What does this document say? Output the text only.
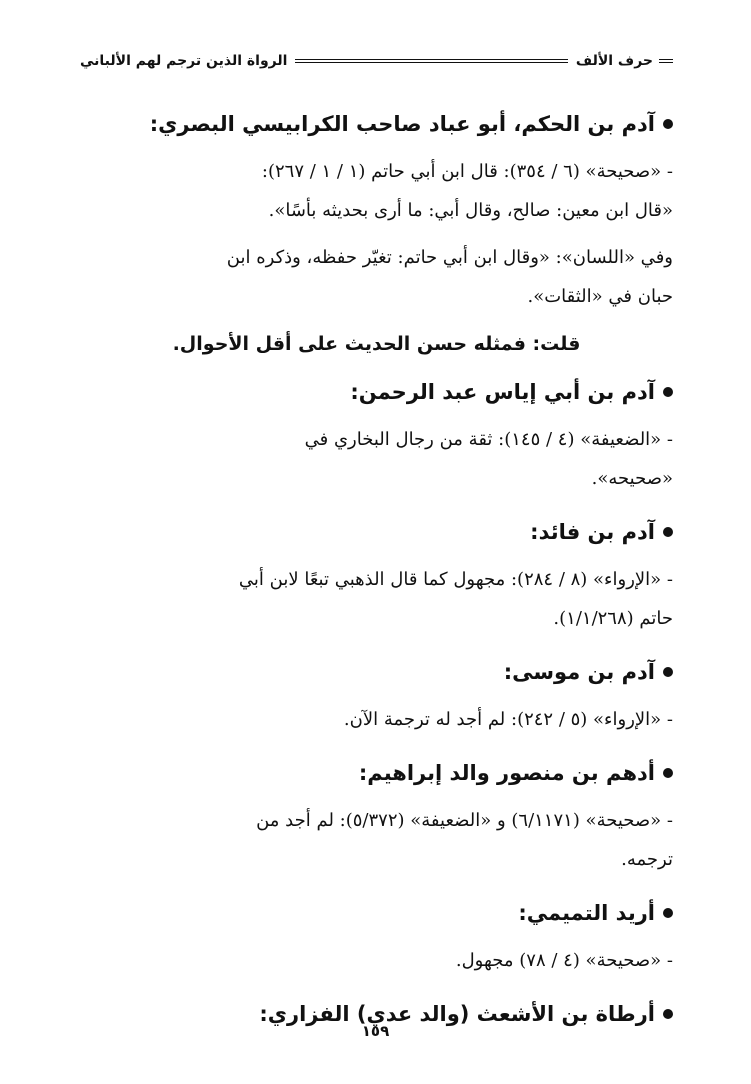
حرف الألف
الرواة الذين ترجم لهم الألباني
آدم بن الحكم، أبو عباد صاحب الكرابيسي البصري:

- «صحيحة» (٦ / ٣٥٤): قال ابن أبي حاتم (١ / ١ / ٢٦٧):

«قال ابن معين: صالح، وقال أبي: ما أرى بحديثه بأسًا».

وفي «اللسان»: «وقال ابن أبي حاتم: تغيّر حفظه، وذكره ابن

حبان في «الثقات».

قلت: فمثله حسن الحديث على أقل الأحوال.

آدم بن أبي إياس عبد الرحمن:

- «الضعيفة» (٤ / ١٤٥): ثقة من رجال البخاري في

«صحيحه».

آدم بن فائد:

- «الإرواء» (٨ / ٢٨٤): مجهول كما قال الذهبي تبعًا لابن أبي

حاتم (١/١/٢٦٨).

آدم بن موسى:

- «الإرواء» (٥ / ٢٤٢): لم أجد له ترجمة الآن.

أدهم بن منصور والد إبراهيم:

- «صحيحة» (٦/١١٧١) و «الضعيفة» (٥/٣٧٢): لم أجد من

ترجمه.

أريد التميمي:

- «صحيحة» (٤ / ٧٨) مجهول.

أرطاة بن الأشعث (والد عدي) الفزاري:
١٥٩
